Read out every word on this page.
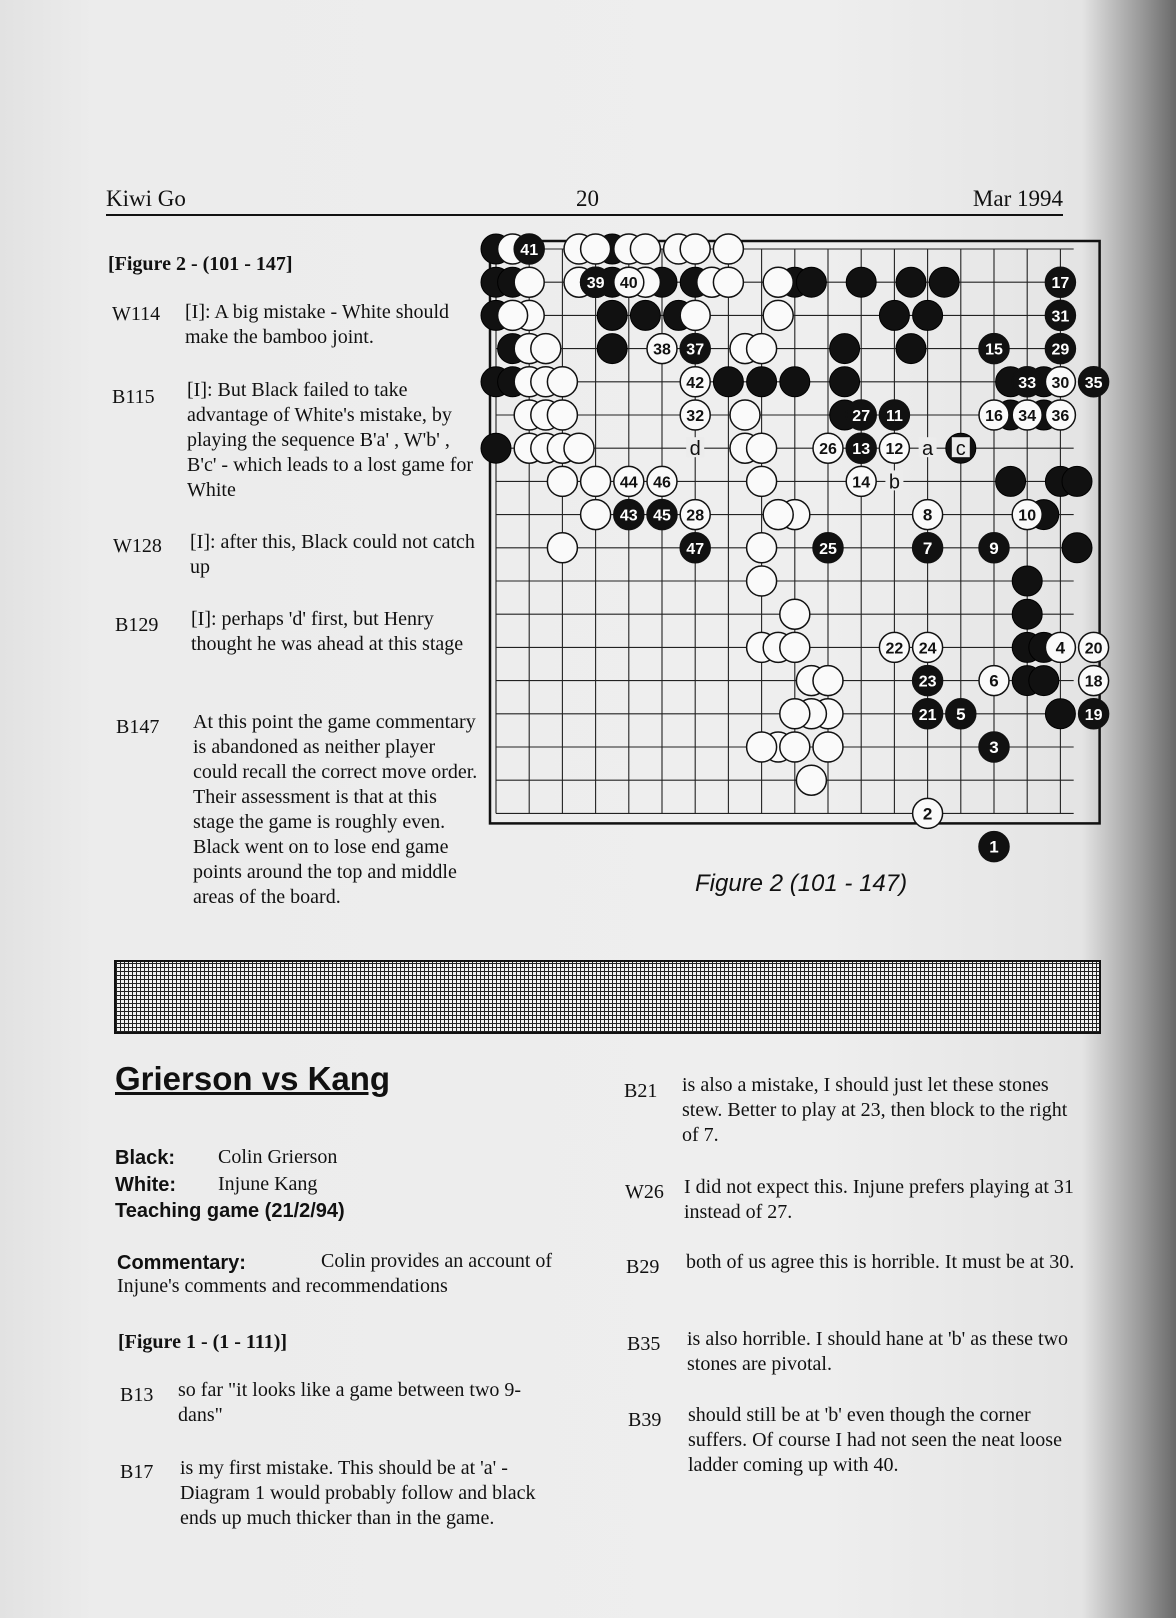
Kiwi Go	20	Mar 1994
[Figure 2 - (101 - 147]
W114 [I]: A big mistake - White should make the bamboo joint.
B115 [I]: But Black failed to take advantage of White's mistake, by playing the sequence B'a' , W'b' , B'c' - which leads to a lost game for White
W128 [I]: after this, Black could not catch up
B129 [I]: perhaps 'd' first, but Henry thought he was ahead at this stage
B147 At this point the game commentary is abandoned as neither player could recall the correct move order. Their assessment is that at this stage the game is roughly even. Black went on to lose end game points around the top and middle areas of the board.
41
39 40	17
31
15	29
38 37
42	33 30 35
32	27 11	16 34 36
26 13 12
14
44 46
43 45 28	8	10
47	25	7	9
22 24	4 20
23	6	18
21 5	19
3
2
1
a c
b
d
Figure 2 (101 - 147)
Grierson vs Kang
Black: Colin Grierson
White: Injune Kang
Teaching game (21/2/94)
Commentary:	Colin provides an account of Injune's comments and recommendations
[Figure 1 - (1 - 111)]
B13 so far "it looks like a game between two 9-dans"
B17 is my first mistake. This should be at 'a' - Diagram 1 would probably follow and black ends up much thicker than in the game.
B21 is also a mistake, I should just let these stones stew. Better to play at 23, then block to the right of 7.
W26 I did not expect this. Injune prefers playing at 31 instead of 27.
B29 both of us agree this is horrible. It must be at 30.
B35 is also horrible. I should hane at 'b' as these two stones are pivotal.
B39 should still be at 'b' even though the corner suffers. Of course I had not seen the neat loose ladder coming up with 40.
